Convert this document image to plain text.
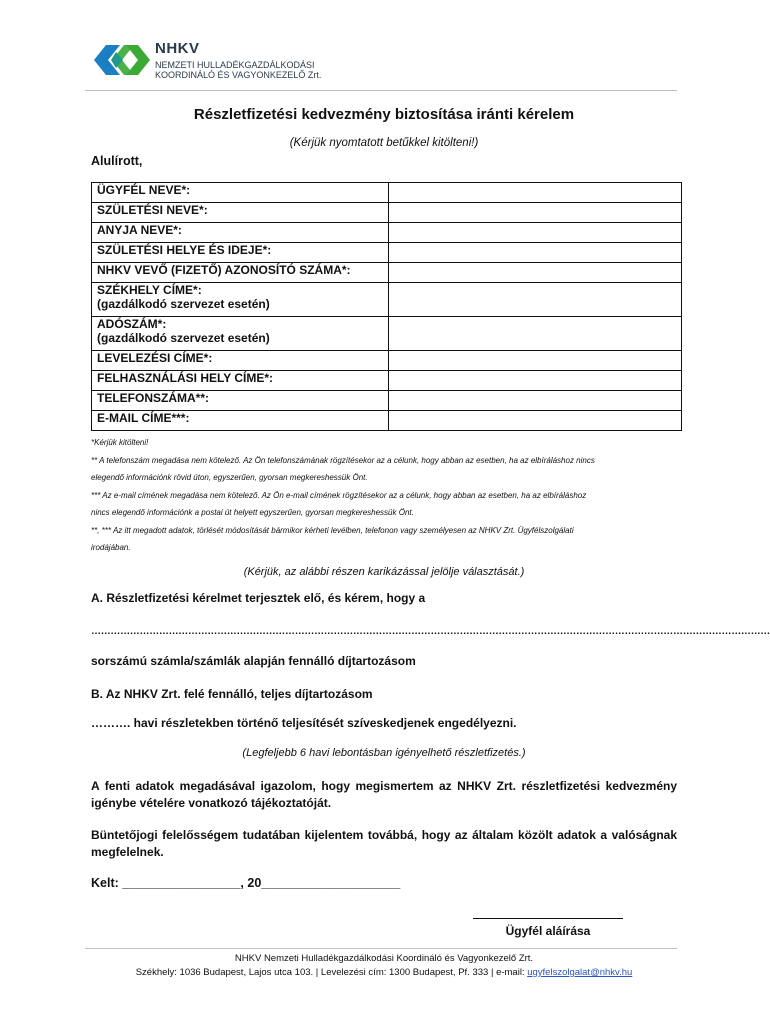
NHKV
NEMZETI HULLADÉKGAZDÁLKODÁSI
KOORDINÁLÓ ÉS VAGYONKEZELŐ Zrt.
Részletfizetési kedvezmény biztosítása iránti kérelem
(Kérjük nyomtatott betűkkel kitölteni!)
Alulírott,
ÜGYFÉL NEVE*:	

SZÜLETÉSI NEVE*:	

ANYJA NEVE*:	

SZÜLETÉSI HELYE ÉS IDEJE*:	

NHKV VEVŐ (FIZETŐ) AZONOSÍTÓ SZÁMA*:	

SZÉKHELY CÍME*:
(gazdálkodó szervezet esetén)	

ADÓSZÁM*:
(gazdálkodó szervezet esetén)	

LEVELEZÉSI CÍME*:	

FELHASZNÁLÁSI HELY CÍME*:	

TELEFONSZÁMA**:	

E-MAIL CÍME***:	

*Kérjük kitölteni!
** A telefonszám megadása nem kötelező. Az Ön telefonszámának rögzítésekor az a célunk, hogy abban az esetben, ha az elbíráláshoz nincs
elegendő információnk rövid úton, egyszerűen, gyorsan megkereshessük Önt.
*** Az e-mail címének megadása nem kötelező. Az Ön e-mail címének rögzítésekor az a célunk, hogy abban az esetben, ha az elbíráláshoz
nincs elegendő információnk a postai út helyett egyszerűen, gyorsan megkereshessük Önt.
**, *** Az itt megadott adatok, törlését módosítását bármikor kérheti levélben, telefonon vagy személyesen az NHKV Zrt. Ügyfélszolgálati
irodájában.
(Kérjük, az alábbi részen karikázással jelölje választását.)
A. Részletfizetési kérelmet terjesztek elő, és kérem, hogy a
…………………………………………………………………………………………………………………………………………………………………………………………
sorszámú számla/számlák alapján fennálló díjtartozásom
B. Az NHKV Zrt. felé fennálló, teljes díjtartozásom
………. havi részletekben történő teljesítését szíveskedjenek engedélyezni.
(Legfeljebb 6 havi lebontásban igényelhető részletfizetés.)
A fenti adatok megadásával igazolom, hogy megismertem az NHKV Zrt. részletfizetési kedvezmény igénybe vételére vonatkozó tájékoztatóját.
Büntetőjogi felelősségem tudatában kijelentem továbbá, hogy az általam közölt adatok a valóságnak megfelelnek.
Kelt: _________________, 20____________________
Ügyfél aláírása
NHKV Nemzeti Hulladékgazdálkodási Koordináló és Vagyonkezelő Zrt.
Székhely: 1036 Budapest, Lajos utca 103. | Levelezési cím: 1300 Budapest, Pf. 333 | e-mail: ugyfelszolgalat@nhkv.hu
